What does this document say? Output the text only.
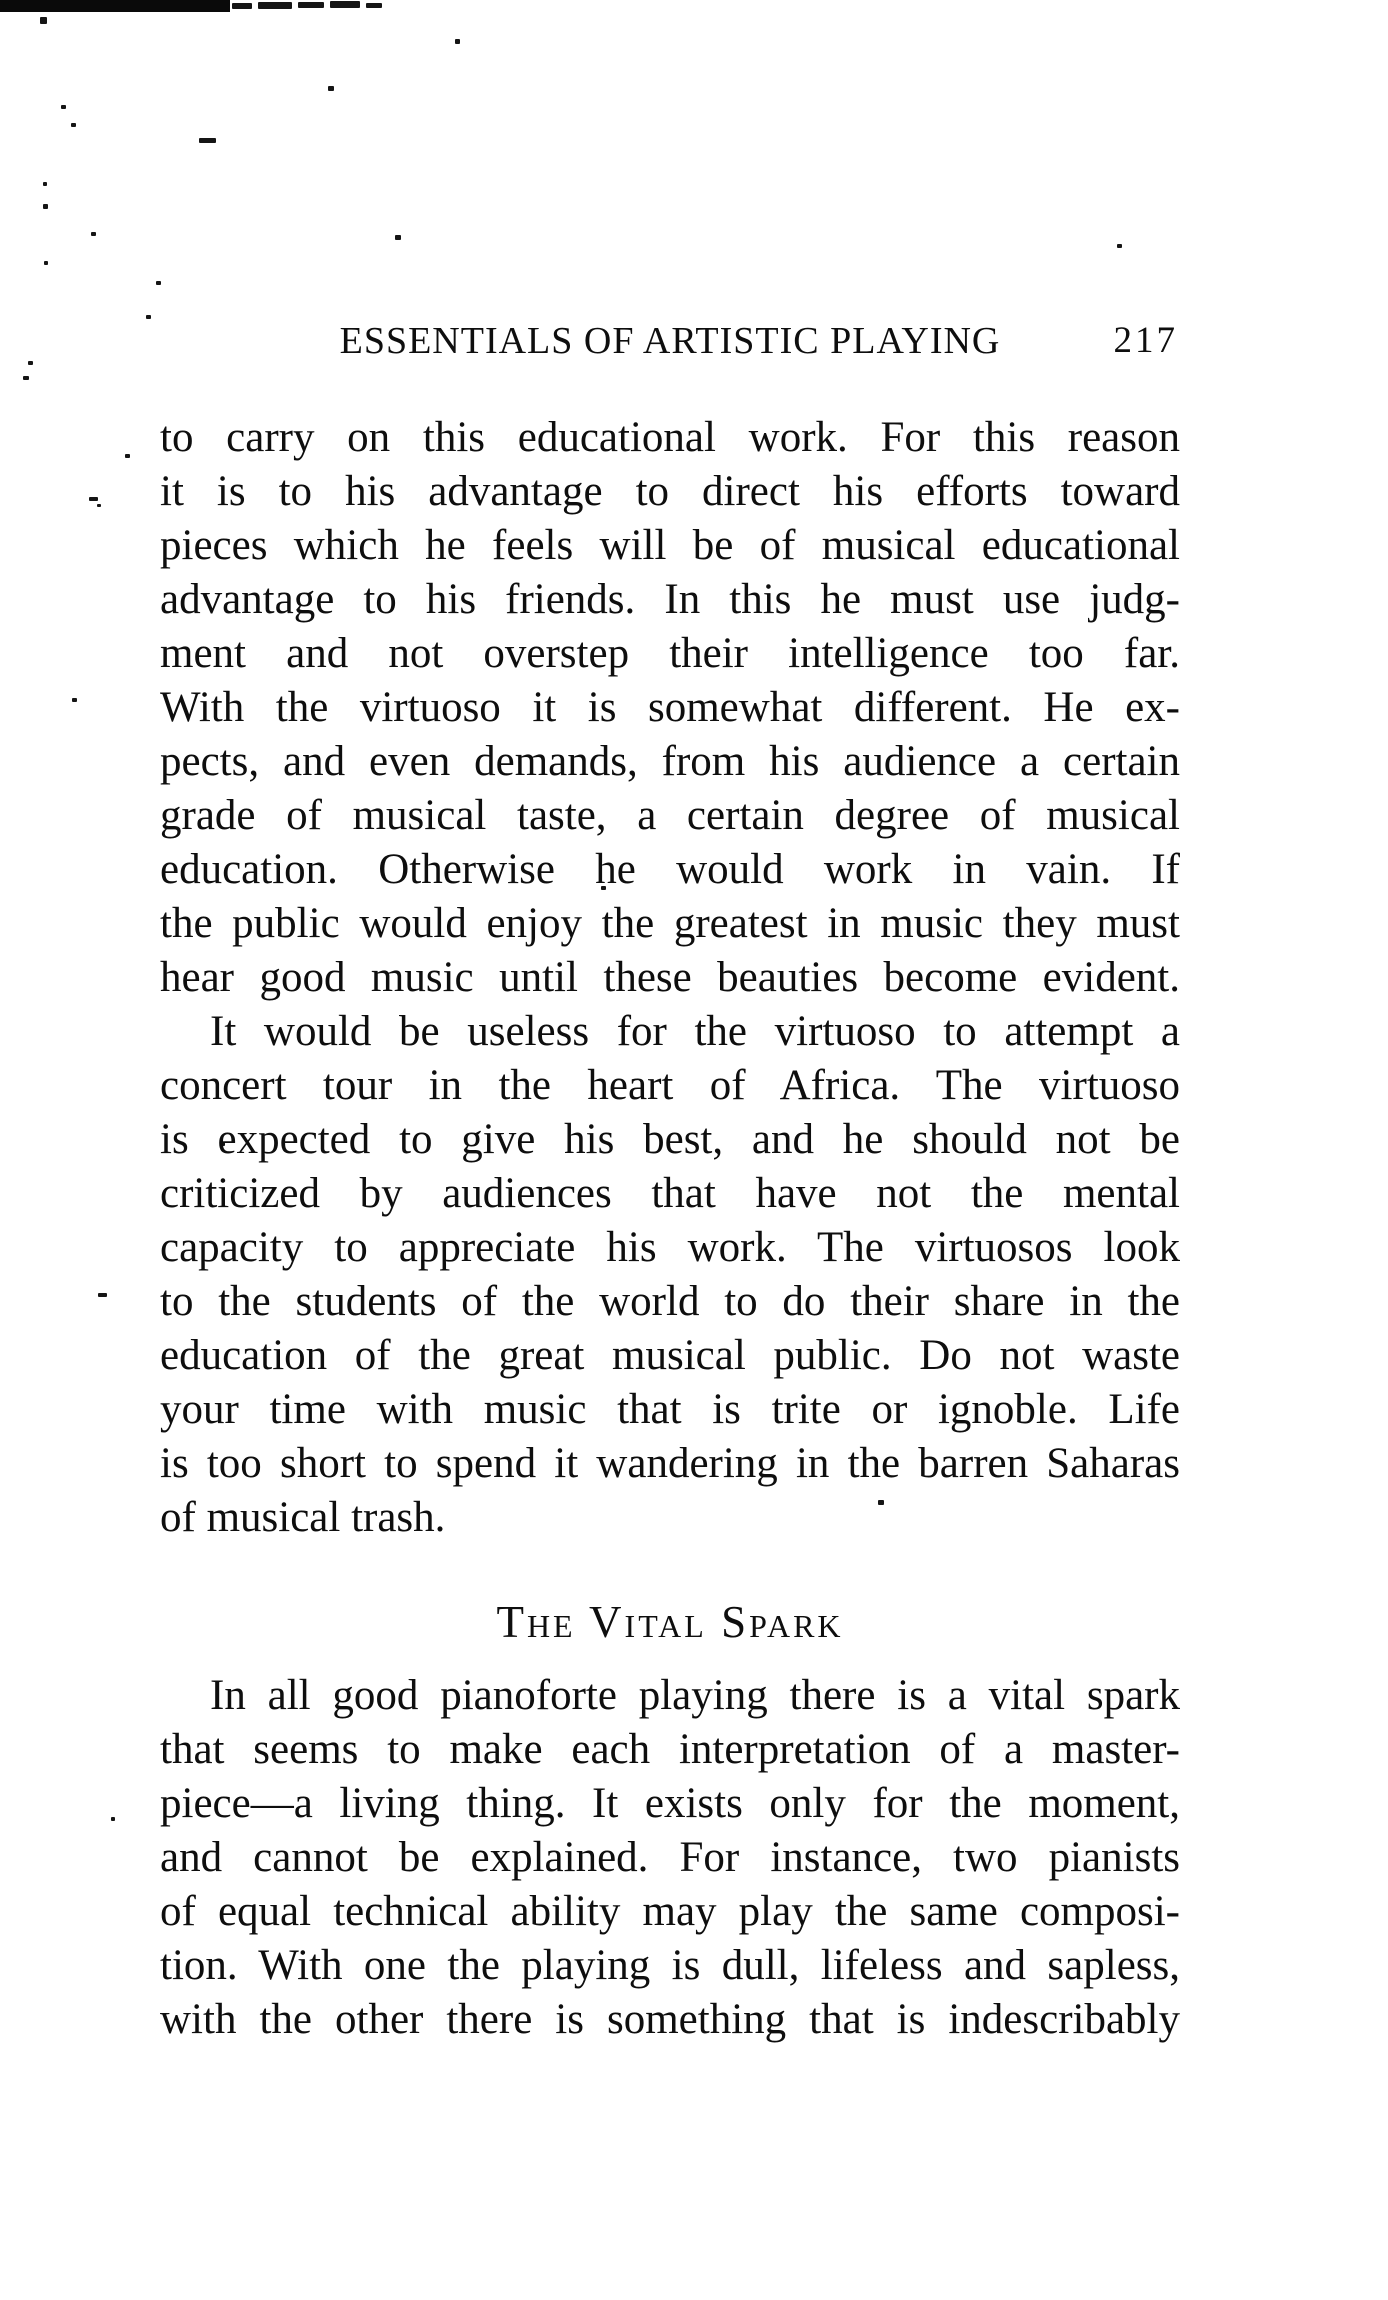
ESSENTIALS OF ARTISTIC PLAYING	217
to carry on this educational work. For this reason
it is to his advantage to direct his efforts toward
pieces which he feels will be of musical educational
advantage to his friends. In this he must use judg-
ment and not overstep their intelligence too far.
With the virtuoso it is somewhat different. He ex-
pects, and even demands, from his audience a certain
grade of musical taste, a certain degree of musical
education. Otherwise he would work in vain. If
the public would enjoy the greatest in music they must
hear good music until these beauties become evident.
It would be useless for the virtuoso to attempt a
concert tour in the heart of Africa. The virtuoso
is expected to give his best, and he should not be
criticized by audiences that have not the mental
capacity to appreciate his work. The virtuosos look
to the students of the world to do their share in the
education of the great musical public. Do not waste
your time with music that is trite or ignoble. Life
is too short to spend it wandering in the barren Saharas
of musical trash.
The Vital Spark
In all good pianoforte playing there is a vital spark
that seems to make each interpretation of a master-
piece—a living thing. It exists only for the moment,
and cannot be explained. For instance, two pianists
of equal technical ability may play the same composi-
tion. With one the playing is dull, lifeless and sapless,
with the other there is something that is indescribably
